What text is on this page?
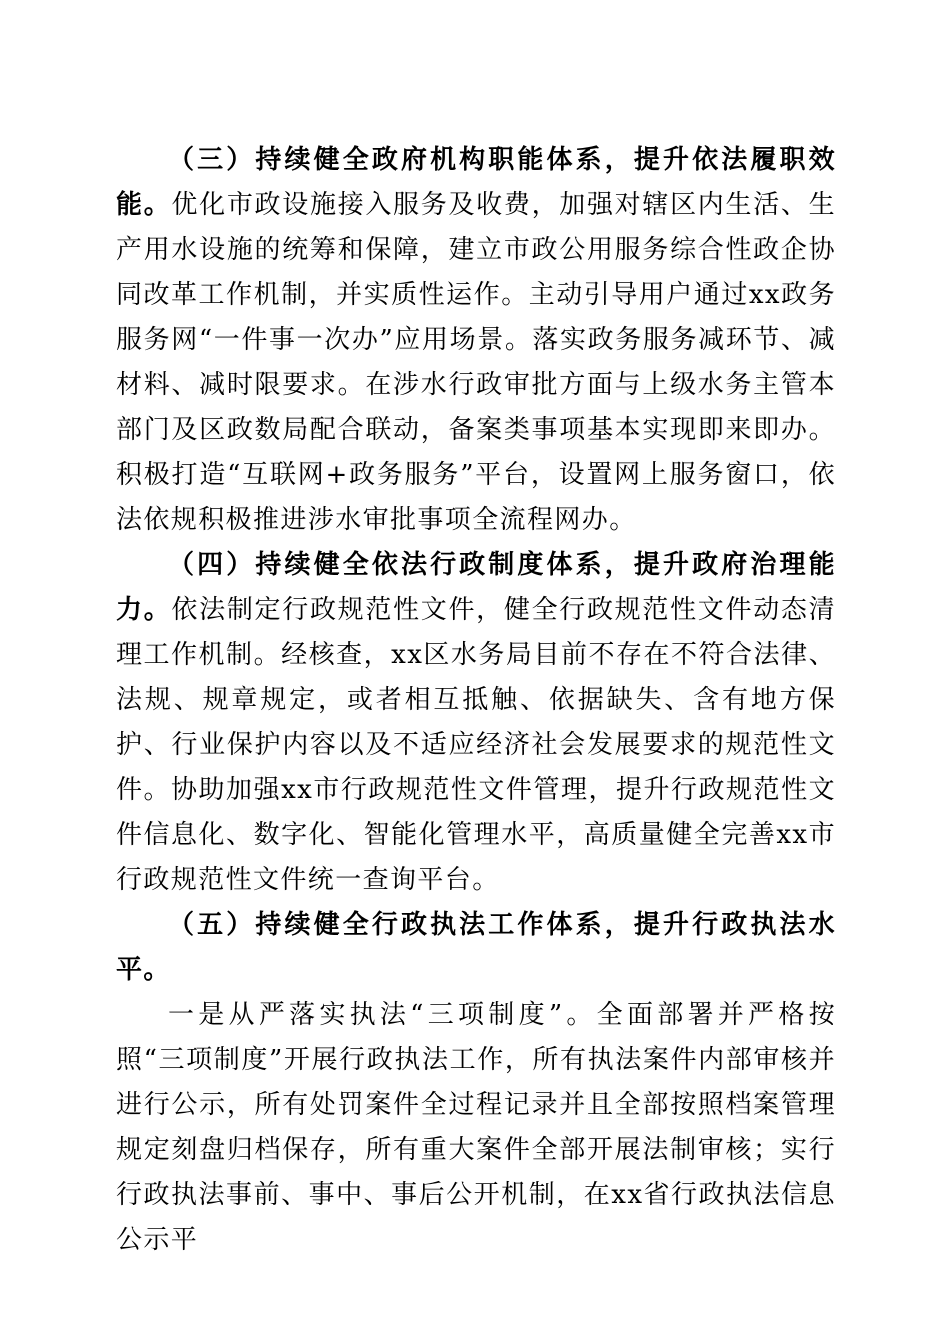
（三）持续健全政府机构职能体系，提升依法履职效能。优化市政设施接入服务及收费，加强对辖区内生活、生产用水设施的统筹和保障，建立市政公用服务综合性政企协同改革工作机制，并实质性运作。主动引导用户通过xx政务服务网“一件事一次办”应用场景。落实政务服务减环节、减材料、减时限要求。在涉水行政审批方面与上级水务主管本部门及区政数局配合联动，备案类事项基本实现即来即办。积极打造“互联网+政务服务”平台，设置网上服务窗口，依法依规积极推进涉水审批事项全流程网办。

（四）持续健全依法行政制度体系，提升政府治理能力。依法制定行政规范性文件，健全行政规范性文件动态清理工作机制。经核查，xx区水务局目前不存在不符合法律、法规、规章规定，或者相互抵触、依据缺失、含有地方保护、行业保护内容以及不适应经济社会发展要求的规范性文件。协助加强xx市行政规范性文件管理，提升行政规范性文件信息化、数字化、智能化管理水平，高质量健全完善xx市行政规范性文件统一查询平台。

（五）持续健全行政执法工作体系，提升行政执法水平。

一是从严落实执法“三项制度”。全面部署并严格按照“三项制度”开展行政执法工作，所有执法案件内部审核并进行公示，所有处罚案件全过程记录并且全部按照档案管理规定刻盘归档保存，所有重大案件全部开展法制审核；实行行政执法事前、事中、事后公开机制，在xx省行政执法信息公示平
